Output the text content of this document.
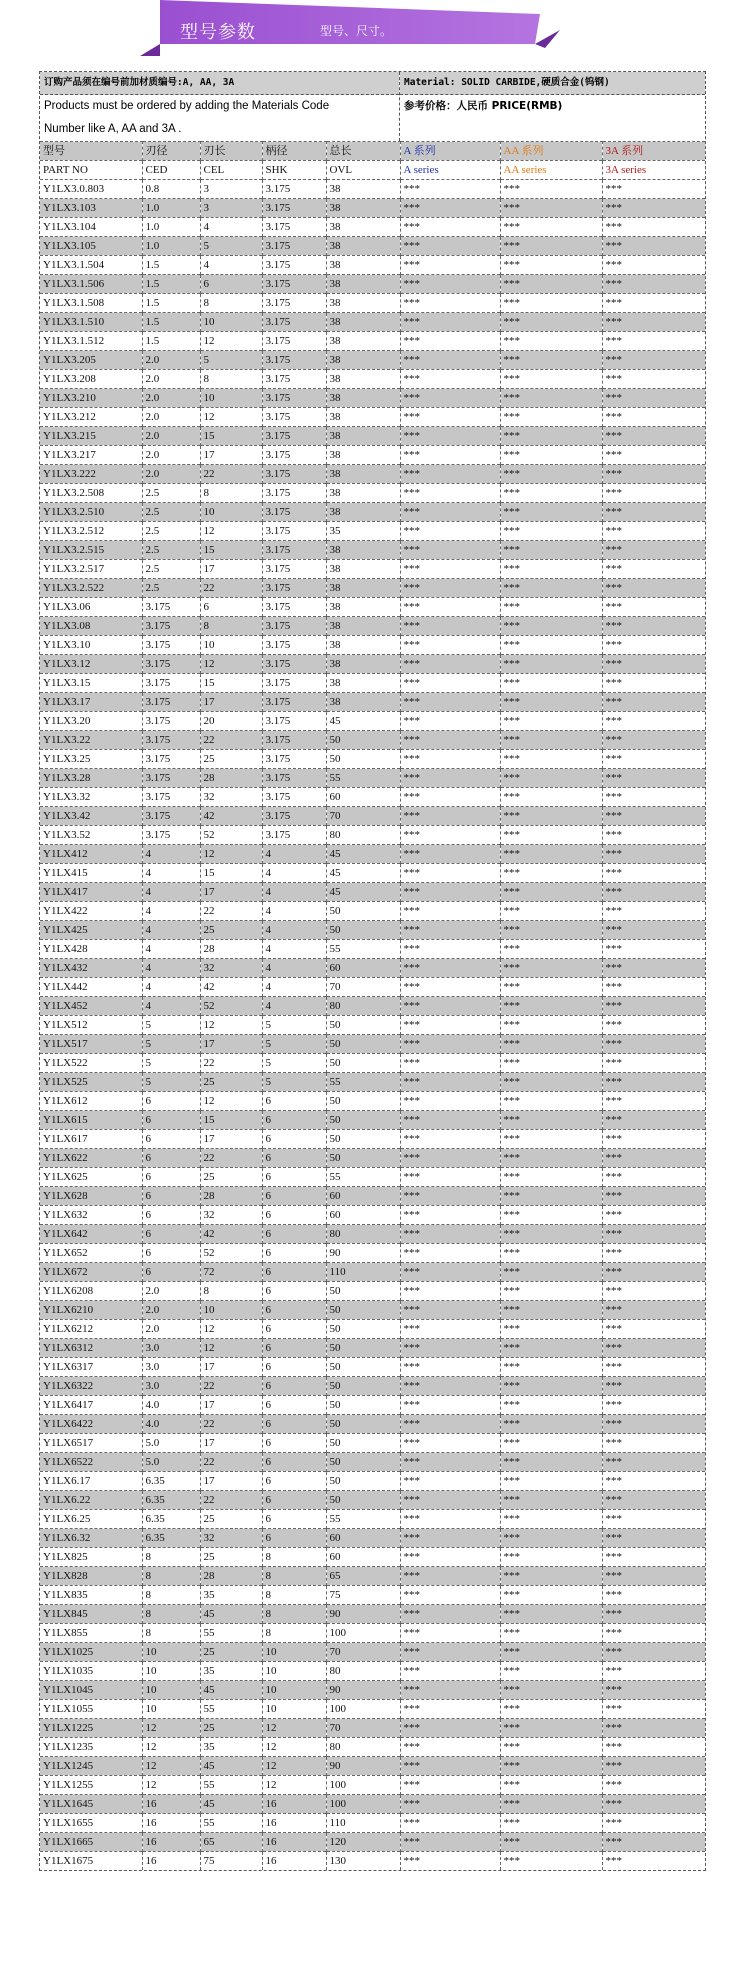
型号参数	型号、尺寸。
订购产品须在编号前加材质编号:A, AA, 3A
Products must be ordered by adding the Materials Code
Number like A, AA and 3A .
Material: SOLID CARBIDE,硬质合金(钨钢)
参考价格：人民币 PRICE(RMB)
型号	刃径	刃长	柄径	总长	A 系列	AA 系列	3A 系列
PART NO	CED	CEL	SHK	OVL	A series	AA series	3A series
Y1LX3.0.803	0.8	3	3.175	38	***	***	***
Y1LX3.103	1.0	3	3.175	38	***	***	***
Y1LX3.104	1.0	4	3.175	38	***	***	***
Y1LX3.105	1.0	5	3.175	38	***	***	***
Y1LX3.1.504	1.5	4	3.175	38	***	***	***
Y1LX3.1.506	1.5	6	3.175	38	***	***	***
Y1LX3.1.508	1.5	8	3.175	38	***	***	***
Y1LX3.1.510	1.5	10	3.175	38	***	***	***
Y1LX3.1.512	1.5	12	3.175	38	***	***	***
Y1LX3.205	2.0	5	3.175	38	***	***	***
Y1LX3.208	2.0	8	3.175	38	***	***	***
Y1LX3.210	2.0	10	3.175	38	***	***	***
Y1LX3.212	2.0	12	3.175	38	***	***	***
Y1LX3.215	2.0	15	3.175	38	***	***	***
Y1LX3.217	2.0	17	3.175	38	***	***	***
Y1LX3.222	2.0	22	3.175	38	***	***	***
Y1LX3.2.508	2.5	8	3.175	38	***	***	***
Y1LX3.2.510	2.5	10	3.175	38	***	***	***
Y1LX3.2.512	2.5	12	3.175	35	***	***	***
Y1LX3.2.515	2.5	15	3.175	38	***	***	***
Y1LX3.2.517	2.5	17	3.175	38	***	***	***
Y1LX3.2.522	2.5	22	3.175	38	***	***	***
Y1LX3.06	3.175	6	3.175	38	***	***	***
Y1LX3.08	3.175	8	3.175	38	***	***	***
Y1LX3.10	3.175	10	3.175	38	***	***	***
Y1LX3.12	3.175	12	3.175	38	***	***	***
Y1LX3.15	3.175	15	3.175	38	***	***	***
Y1LX3.17	3.175	17	3.175	38	***	***	***
Y1LX3.20	3.175	20	3.175	45	***	***	***
Y1LX3.22	3.175	22	3.175	50	***	***	***
Y1LX3.25	3.175	25	3.175	50	***	***	***
Y1LX3.28	3.175	28	3.175	55	***	***	***
Y1LX3.32	3.175	32	3.175	60	***	***	***
Y1LX3.42	3.175	42	3.175	70	***	***	***
Y1LX3.52	3.175	52	3.175	80	***	***	***
Y1LX412	4	12	4	45	***	***	***
Y1LX415	4	15	4	45	***	***	***
Y1LX417	4	17	4	45	***	***	***
Y1LX422	4	22	4	50	***	***	***
Y1LX425	4	25	4	50	***	***	***
Y1LX428	4	28	4	55	***	***	***
Y1LX432	4	32	4	60	***	***	***
Y1LX442	4	42	4	70	***	***	***
Y1LX452	4	52	4	80	***	***	***
Y1LX512	5	12	5	50	***	***	***
Y1LX517	5	17	5	50	***	***	***
Y1LX522	5	22	5	50	***	***	***
Y1LX525	5	25	5	55	***	***	***
Y1LX612	6	12	6	50	***	***	***
Y1LX615	6	15	6	50	***	***	***
Y1LX617	6	17	6	50	***	***	***
Y1LX622	6	22	6	50	***	***	***
Y1LX625	6	25	6	55	***	***	***
Y1LX628	6	28	6	60	***	***	***
Y1LX632	6	32	6	60	***	***	***
Y1LX642	6	42	6	80	***	***	***
Y1LX652	6	52	6	90	***	***	***
Y1LX672	6	72	6	110	***	***	***
Y1LX6208	2.0	8	6	50	***	***	***
Y1LX6210	2.0	10	6	50	***	***	***
Y1LX6212	2.0	12	6	50	***	***	***
Y1LX6312	3.0	12	6	50	***	***	***
Y1LX6317	3.0	17	6	50	***	***	***
Y1LX6322	3.0	22	6	50	***	***	***
Y1LX6417	4.0	17	6	50	***	***	***
Y1LX6422	4.0	22	6	50	***	***	***
Y1LX6517	5.0	17	6	50	***	***	***
Y1LX6522	5.0	22	6	50	***	***	***
Y1LX6.17	6.35	17	6	50	***	***	***
Y1LX6.22	6.35	22	6	50	***	***	***
Y1LX6.25	6.35	25	6	55	***	***	***
Y1LX6.32	6.35	32	6	60	***	***	***
Y1LX825	8	25	8	60	***	***	***
Y1LX828	8	28	8	65	***	***	***
Y1LX835	8	35	8	75	***	***	***
Y1LX845	8	45	8	90	***	***	***
Y1LX855	8	55	8	100	***	***	***
Y1LX1025	10	25	10	70	***	***	***
Y1LX1035	10	35	10	80	***	***	***
Y1LX1045	10	45	10	90	***	***	***
Y1LX1055	10	55	10	100	***	***	***
Y1LX1225	12	25	12	70	***	***	***
Y1LX1235	12	35	12	80	***	***	***
Y1LX1245	12	45	12	90	***	***	***
Y1LX1255	12	55	12	100	***	***	***
Y1LX1645	16	45	16	100	***	***	***
Y1LX1655	16	55	16	110	***	***	***
Y1LX1665	16	65	16	120	***	***	***
Y1LX1675	16	75	16	130	***	***	***
